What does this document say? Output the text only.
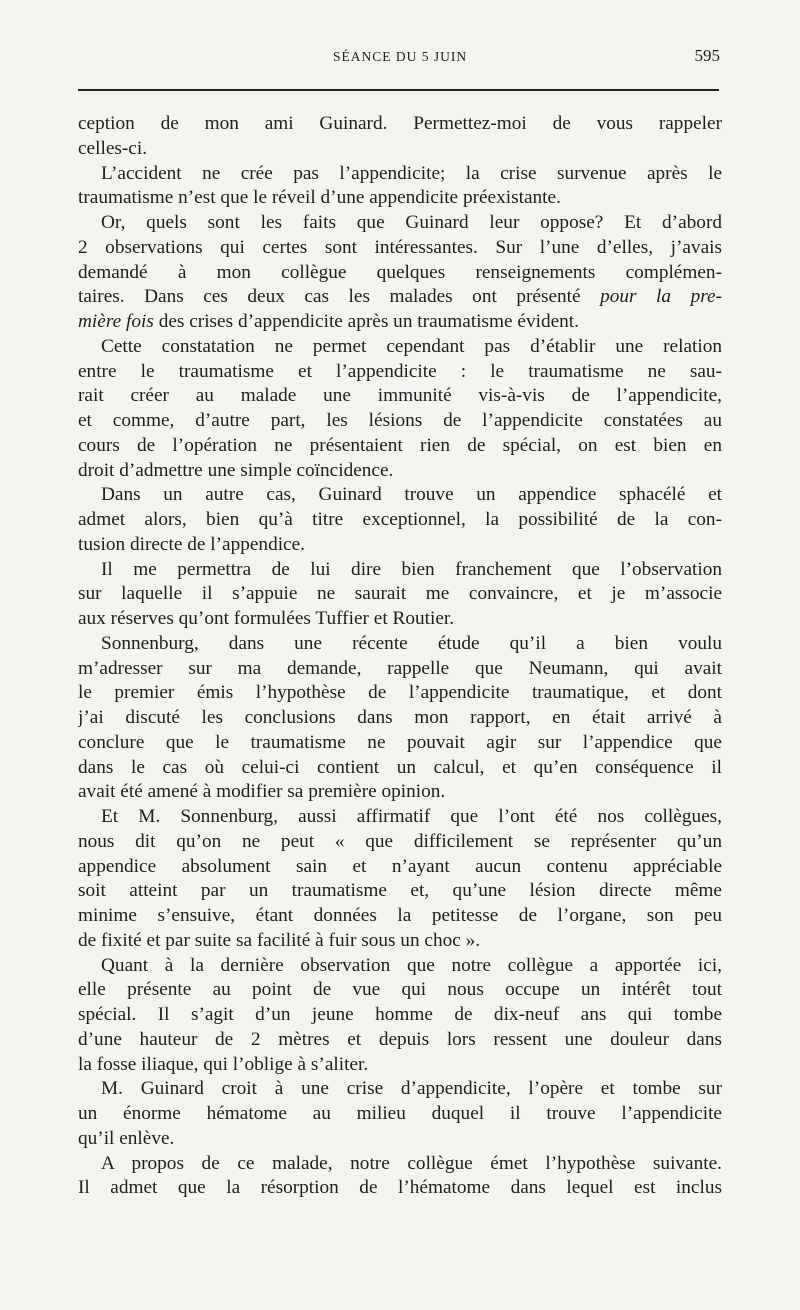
SÉANCE DU 5 JUIN	595
ception de mon ami Guinard. Permettez-moi de vous rappeler
celles-ci.
L’accident ne crée pas l’appendicite; la crise survenue après le
traumatisme n’est que le réveil d’une appendicite préexistante.
Or, quels sont les faits que Guinard leur oppose? Et d’abord
2 observations qui certes sont intéressantes. Sur l’une d’elles, j’avais
demandé à mon collègue quelques renseignements complémen-
taires. Dans ces deux cas les malades ont présenté pour la pre-
mière fois des crises d’appendicite après un traumatisme évident.
Cette constatation ne permet cependant pas d’établir une relation
entre le traumatisme et l’appendicite : le traumatisme ne sau-
rait créer au malade une immunité vis-à-vis de l’appendicite,
et comme, d’autre part, les lésions de l’appendicite constatées au
cours de l’opération ne présentaient rien de spécial, on est bien en
droit d’admettre une simple coïncidence.
Dans un autre cas, Guinard trouve un appendice sphacélé et
admet alors, bien qu’à titre exceptionnel, la possibilité de la con-
tusion directe de l’appendice.
Il me permettra de lui dire bien franchement que l’observation
sur laquelle il s’appuie ne saurait me convaincre, et je m’associe
aux réserves qu’ont formulées Tuffier et Routier.
Sonnenburg, dans une récente étude qu’il a bien voulu
m’adresser sur ma demande, rappelle que Neumann, qui avait
le premier émis l’hypothèse de l’appendicite traumatique, et dont
j’ai discuté les conclusions dans mon rapport, en était arrivé à
conclure que le traumatisme ne pouvait agir sur l’appendice que
dans le cas où celui-ci contient un calcul, et qu’en conséquence il
avait été amené à modifier sa première opinion.
Et M. Sonnenburg, aussi affirmatif que l’ont été nos collègues,
nous dit qu’on ne peut « que difficilement se représenter qu’un
appendice absolument sain et n’ayant aucun contenu appréciable
soit atteint par un traumatisme et, qu’une lésion directe même
minime s’ensuive, étant données la petitesse de l’organe, son peu
de fixité et par suite sa facilité à fuir sous un choc ».
Quant à la dernière observation que notre collègue a apportée ici,
elle présente au point de vue qui nous occupe un intérêt tout
spécial. Il s’agit d’un jeune homme de dix-neuf ans qui tombe
d’une hauteur de 2 mètres et depuis lors ressent une douleur dans
la fosse iliaque, qui l’oblige à s’aliter.
M. Guinard croit à une crise d’appendicite, l’opère et tombe sur
un énorme hématome au milieu duquel il trouve l’appendicite
qu’il enlève.
A propos de ce malade, notre collègue émet l’hypothèse suivante.
Il admet que la résorption de l’hématome dans lequel est inclus
